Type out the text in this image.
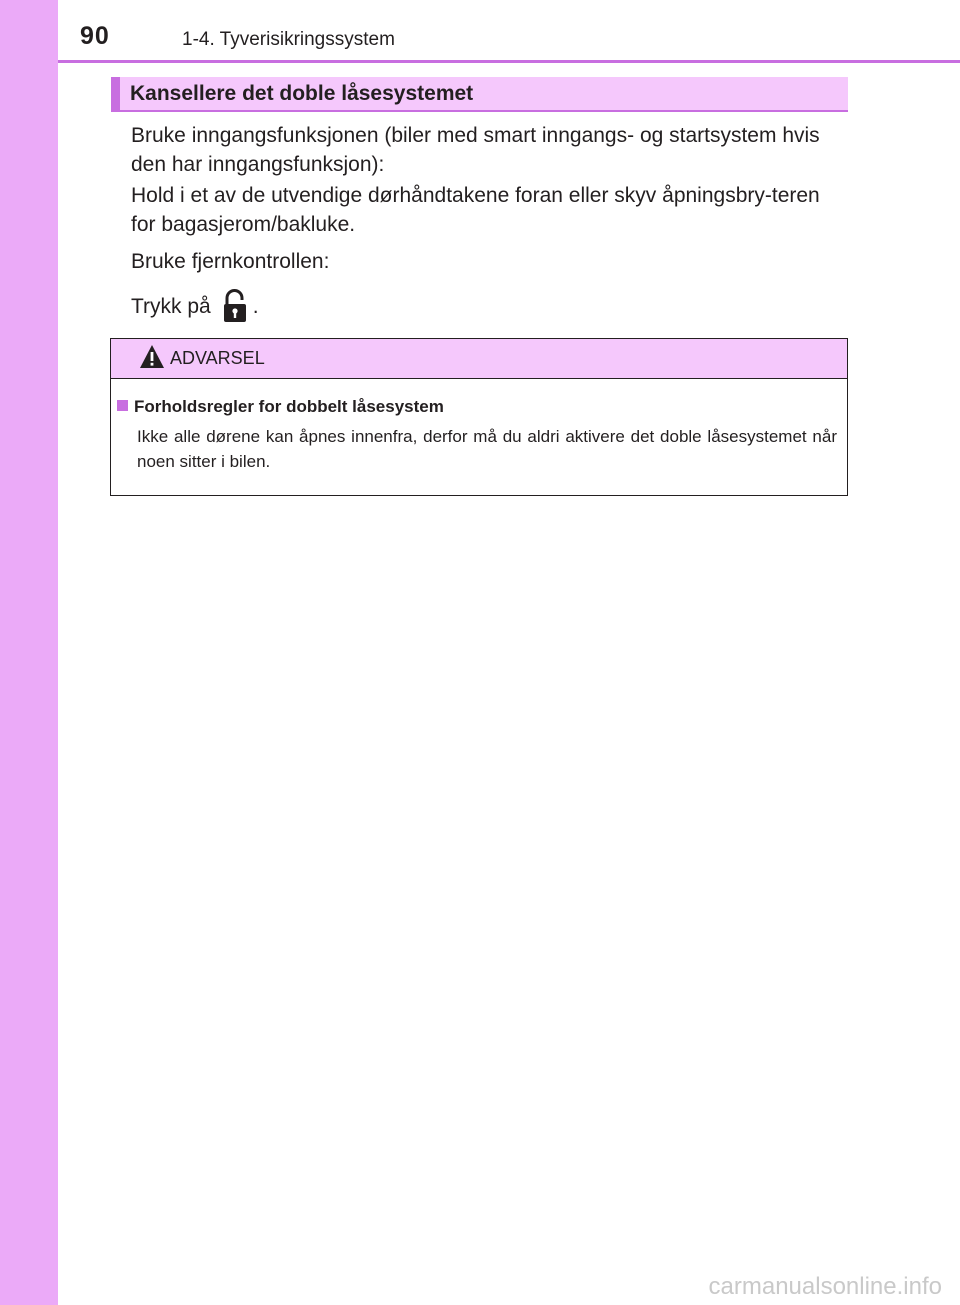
90	1-4. Tyverisikringssystem
Kansellere det doble låsesystemet
Bruke inngangsfunksjonen (biler med smart inngangs- og startsystem hvis den har inngangsfunksjon):
Hold i et av de utvendige dørhåndtakene foran eller skyv åpningsbry-teren for bagasjerom/bakluke.
Bruke fjernkontrollen:
Trykk på .
ADVARSEL
Forholdsregler for dobbelt låsesystem
Ikke alle dørene kan åpnes innenfra, derfor må du aldri aktivere det doble låsesystemet når noen sitter i bilen.
carmanualsonline.info
